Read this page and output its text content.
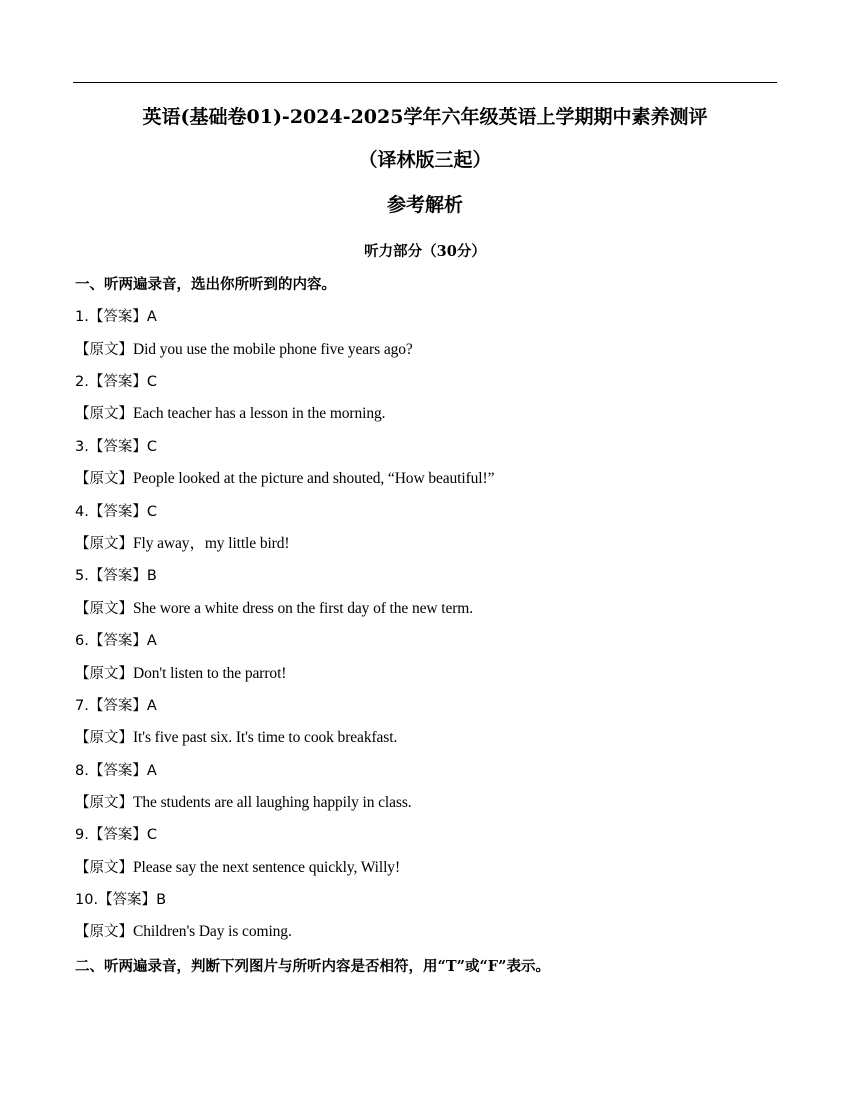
英语(基础卷01)-2024-2025学年六年级英语上学期期中素养测评
（译林版三起）
参考解析
听力部分（30分）
一、听两遍录音，选出你所听到的内容。
1.【答案】A
【原文】Did you use the mobile phone five years ago?
2.【答案】C
【原文】Each teacher has a lesson in the morning.
3.【答案】C
【原文】People looked at the picture and shouted, “How beautiful!”
4.【答案】C
【原文】Fly away，my little bird!
5.【答案】B
【原文】She wore a white dress on the first day of the new term.
6.【答案】A
【原文】Don't listen to the parrot!
7.【答案】A
【原文】It's five past six. It's time to cook breakfast.
8.【答案】A
【原文】The students are all laughing happily in class.
9.【答案】C
【原文】Please say the next sentence quickly, Willy!
10.【答案】B
【原文】Children's Day is coming.
二、听两遍录音，判断下列图片与所听内容是否相符，用“T”或“F”表示。
